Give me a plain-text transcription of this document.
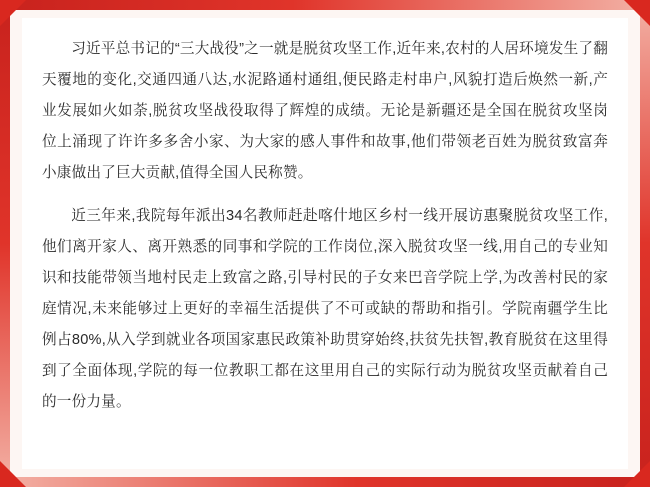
习近平总书记的“三大战役”之一就是脱贫攻坚工作,近年来,农村的人居环境发生了翻天覆地的变化,交通四通八达,水泥路通村通组,便民路走村串户,风貌打造后焕然一新,产业发展如火如荼,脱贫攻坚战役取得了辉煌的成绩。无论是新疆还是全国在脱贫攻坚岗位上涌现了许许多多舍小家、为大家的感人事件和故事,他们带领老百姓为脱贫致富奔小康做出了巨大贡献,值得全国人民称赞。

近三年来,我院每年派出34名教师赶赴喀什地区乡村一线开展访惠聚脱贫攻坚工作,他们离开家人、离开熟悉的同事和学院的工作岗位,深入脱贫攻坚一线,用自己的专业知识和技能带领当地村民走上致富之路,引导村民的子女来巴音学院上学,为改善村民的家庭情况,未来能够过上更好的幸福生活提供了不可或缺的帮助和指引。学院南疆学生比例占80%,从入学到就业各项国家惠民政策补助贯穿始终,扶贫先扶智,教育脱贫在这里得到了全面体现,学院的每一位教职工都在这里用自己的实际行动为脱贫攻坚贡献着自己的一份力量。
